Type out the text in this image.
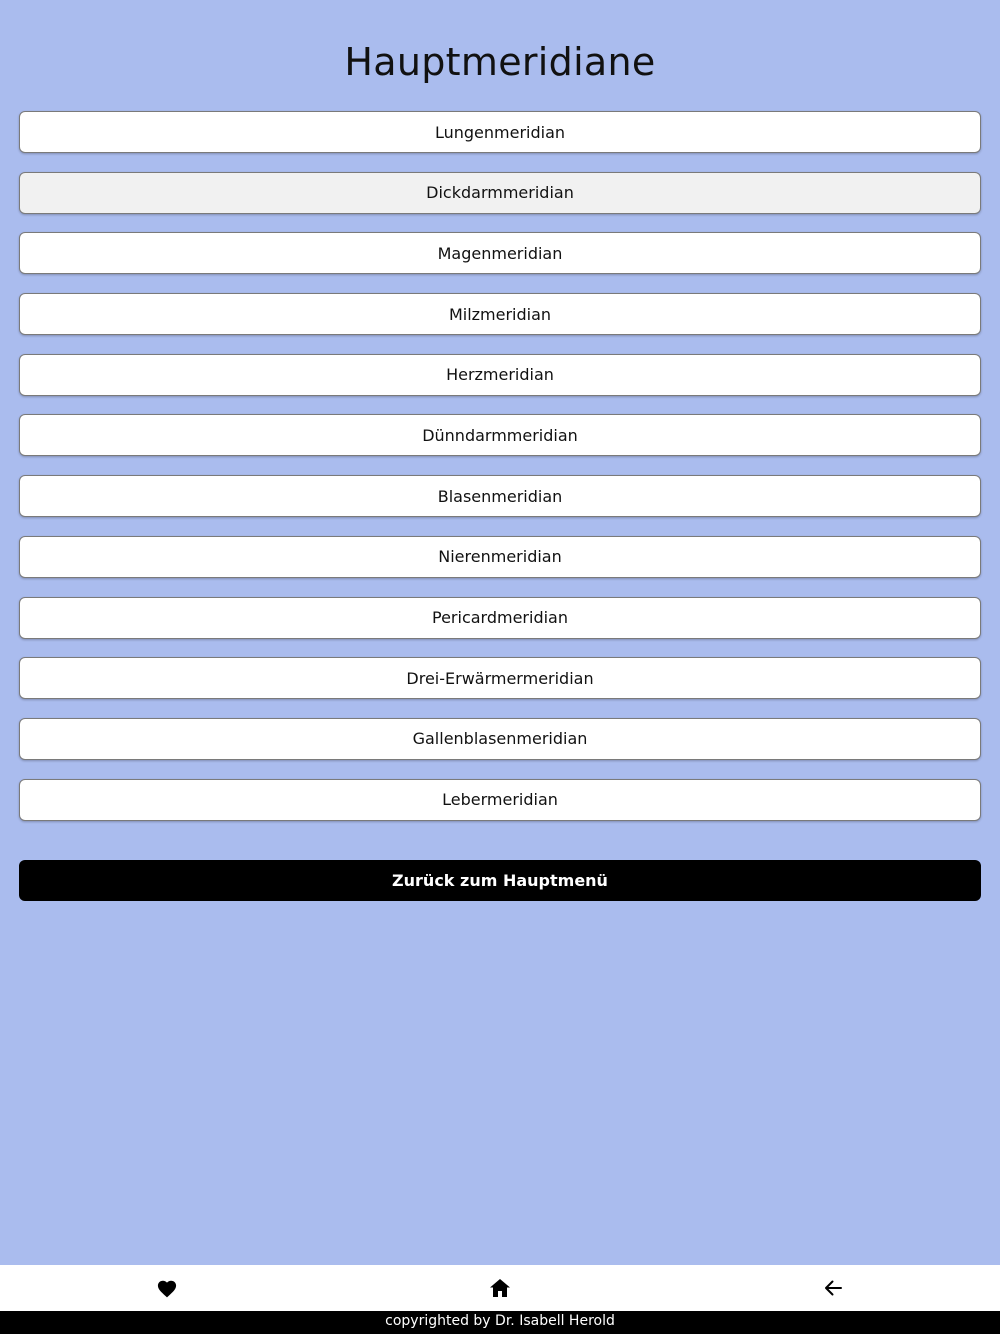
Hauptmeridiane
Lungenmeridian
Dickdarmmeridian
Magenmeridian
Milzmeridian
Herzmeridian
Dünndarmmeridian
Blasenmeridian
Nierenmeridian
Pericardmeridian
Drei-Erwärmermeridian
Gallenblasenmeridian
Lebermeridian
Zurück zum Hauptmenü
copyrighted by Dr. Isabell Herold
